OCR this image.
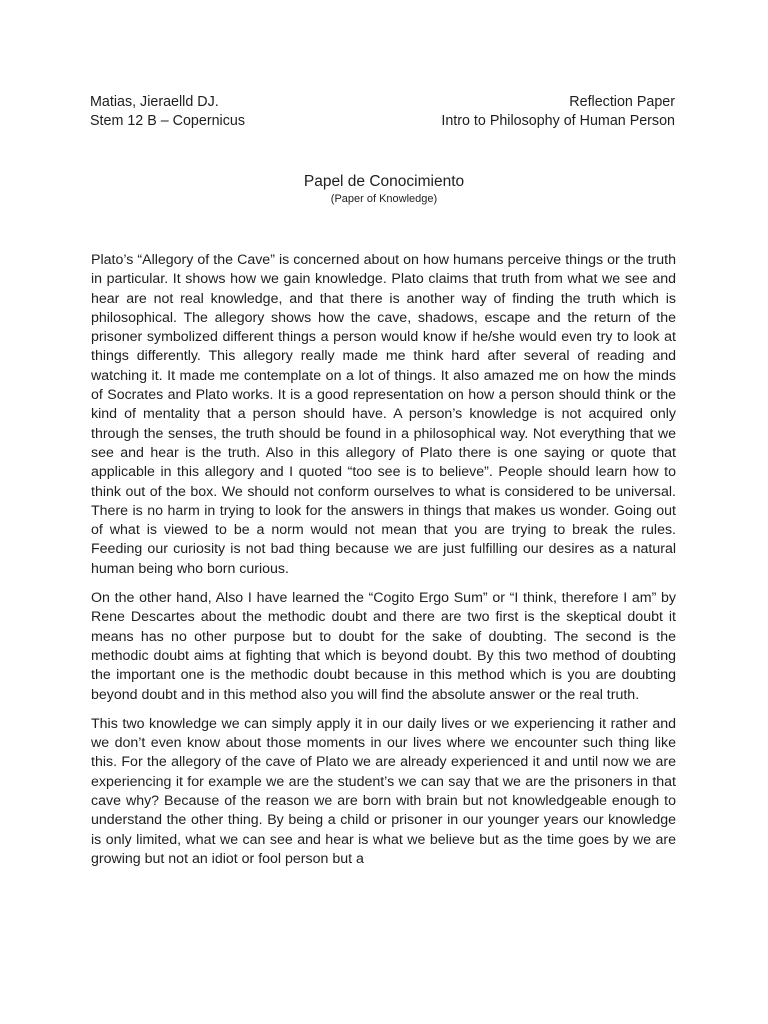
Matias, Jieraelld DJ.	Reflection Paper
Stem 12 B – Copernicus	Intro to Philosophy of Human Person
Papel de Conocimiento
(Paper of Knowledge)

Plato’s “Allegory of the Cave” is concerned about on how humans perceive things or the truth in particular. It shows how we gain knowledge. Plato claims that truth from what we see and hear are not real knowledge, and that there is another way of finding the truth which is philosophical. The allegory shows how the cave, shadows, escape and the return of the prisoner symbolized different things a person would know if he/she would even try to look at things differently. This allegory really made me think hard after several of reading and watching it. It made me contemplate on a lot of things. It also amazed me on how the minds of Socrates and Plato works. It is a good representation on how a person should think or the kind of mentality that a person should have. A person’s knowledge is not acquired only through the senses, the truth should be found in a philosophical way. Not everything that we see and hear is the truth. Also in this allegory of Plato there is one saying or quote that applicable in this allegory and I quoted “too see is to believe”. People should learn how to think out of the box. We should not conform ourselves to what is considered to be universal. There is no harm in trying to look for the answers in things that makes us wonder. Going out of what is viewed to be a norm would not mean that you are trying to break the rules. Feeding our curiosity is not bad thing because we are just fulfilling our desires as a natural human being who born curious.

On the other hand, Also I have learned the “Cogito Ergo Sum” or “I think, therefore I am” by Rene Descartes about the methodic doubt and there are two first is the skeptical doubt it means has no other purpose but to doubt for the sake of doubting. The second is the methodic doubt aims at fighting that which is beyond doubt. By this two method of doubting the important one is the methodic doubt because in this method which is you are doubting beyond doubt and in this method also you will find the absolute answer or the real truth.

This two knowledge we can simply apply it in our daily lives or we experiencing it rather and we don’t even know about those moments in our lives where we encounter such thing like this. For the allegory of the cave of Plato we are already experienced it and until now we are experiencing it for example we are the student’s we can say that we are the prisoners in that cave why? Because of the reason we are born with brain but not knowledgeable enough to understand the other thing. By being a child or prisoner in our younger years our knowledge is only limited, what we can see and hear is what we believe but as the time goes by we are growing but not an idiot or fool person but a
